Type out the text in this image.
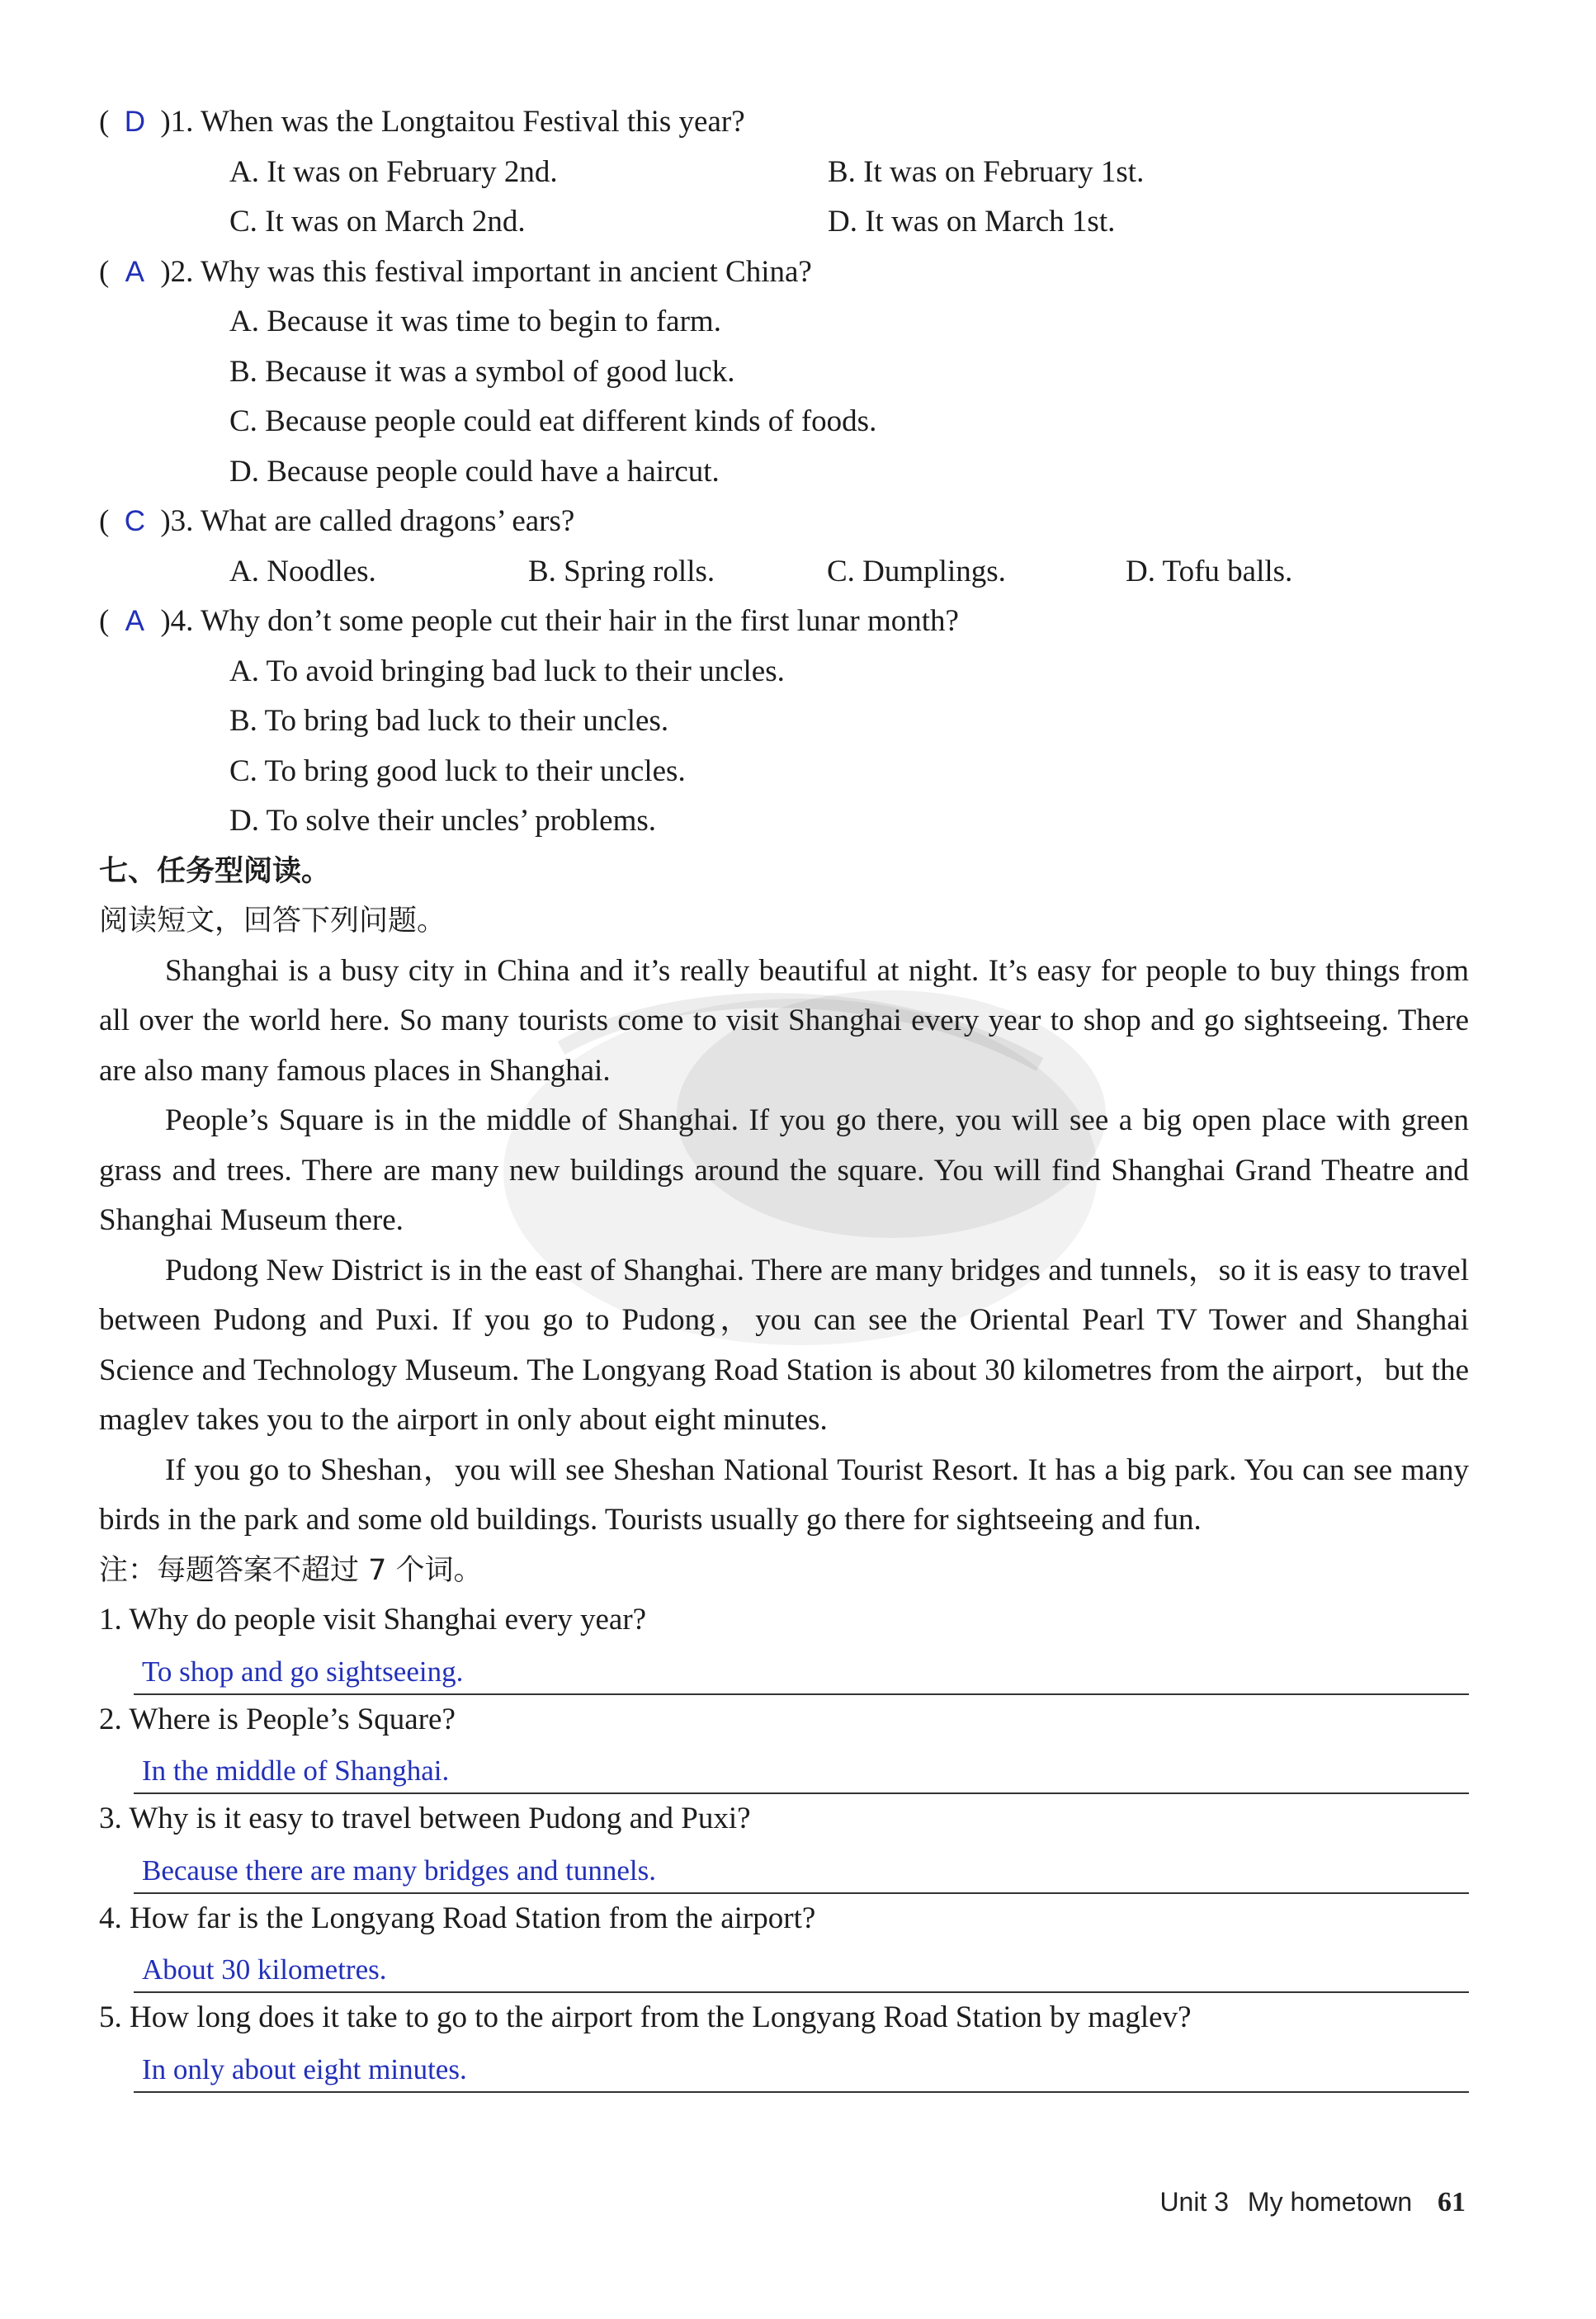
( D )1. When was the Longtaitou Festival this year?
A. It was on February 2nd.	B. It was on February 1st.
C. It was on March 2nd.	D. It was on March 1st.
( A )2. Why was this festival important in ancient China?
A. Because it was time to begin to farm.
B. Because it was a symbol of good luck.
C. Because people could eat different kinds of foods.
D. Because people could have a haircut.
( C )3. What are called dragons’ ears?
A. Noodles.	B. Spring rolls.	C. Dumplings.	D. Tofu balls.
( A )4. Why don’t some people cut their hair in the first lunar month?
A. To avoid bringing bad luck to their uncles.
B. To bring bad luck to their uncles.
C. To bring good luck to their uncles.
D. To solve their uncles’ problems.
七、任务型阅读。
阅读短文，回答下列问题。

Shanghai is a busy city in China and it’s really beautiful at night. It’s easy for people to buy things from all over the world here. So many tourists come to visit Shanghai every year to shop and go sightseeing. There are also many famous places in Shanghai.

People’s Square is in the middle of Shanghai. If you go there, you will see a big open place with green grass and trees. There are many new buildings around the square. You will find Shanghai Grand Theatre and Shanghai Museum there.

Pudong New District is in the east of Shanghai. There are many bridges and tunnels，so it is easy to travel between Pudong and Puxi. If you go to Pudong，you can see the Oriental Pearl TV Tower and Shanghai Science and Technology Museum. The Longyang Road Station is about 30 kilometres from the airport，but the maglev takes you to the airport in only about eight minutes.

If you go to Sheshan，you will see Sheshan National Tourist Resort. It has a big park. You can see many birds in the park and some old buildings. Tourists usually go there for sightseeing and fun.

注：每题答案不超过 7 个词。
1. Why do people visit Shanghai every year?
To shop and go sightseeing.
2. Where is People’s Square?
In the middle of Shanghai.
3. Why is it easy to travel between Pudong and Puxi?
Because there are many bridges and tunnels.
4. How far is the Longyang Road Station from the airport?
About 30 kilometres.
5. How long does it take to go to the airport from the Longyang Road Station by maglev?
In only about eight minutes.
Unit 3 My hometown 61
